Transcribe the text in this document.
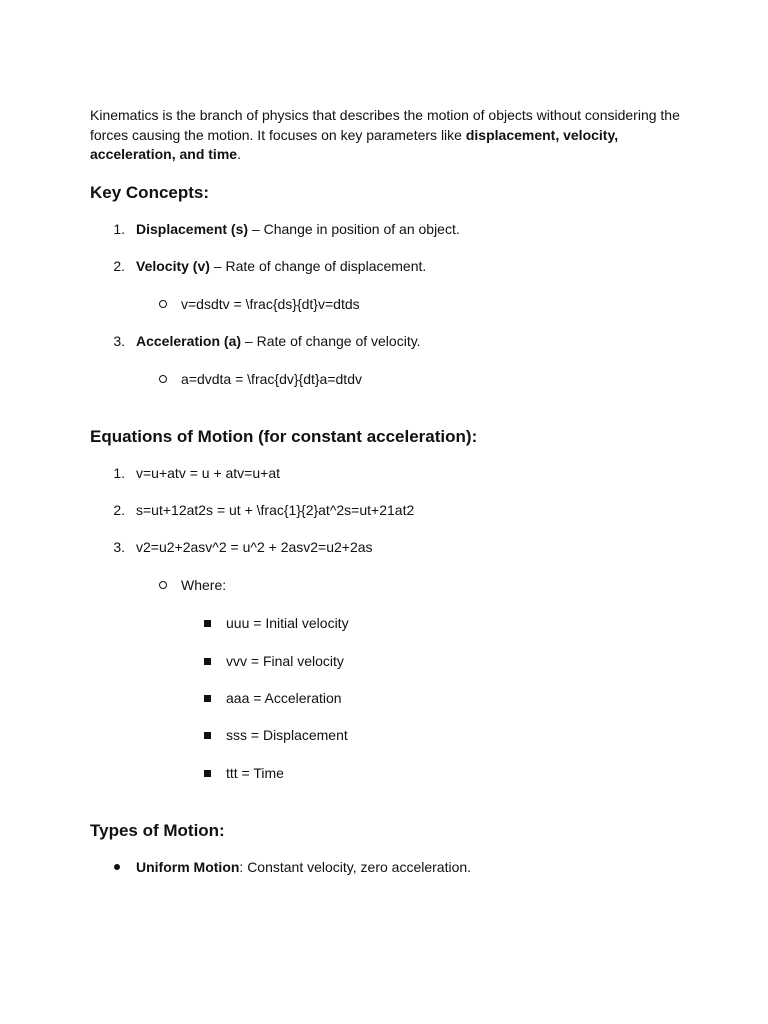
Kinematics is the branch of physics that describes the motion of objects without considering the forces causing the motion. It focuses on key parameters like displacement, velocity, acceleration, and time.

Key Concepts:
1. Displacement (s) – Change in position of an object.
2. Velocity (v) – Rate of change of displacement.
v=dsdtv = \frac{ds}{dt}v=dtds
3. Acceleration (a) – Rate of change of velocity.
a=dvdta = \frac{dv}{dt}a=dtdv
Equations of Motion (for constant acceleration):
1. v=u+atv = u + atv=u+at
2. s=ut+12at2s = ut + \frac{1}{2}at^2s=ut+21at2
3. v2=u2+2asv^2 = u^2 + 2asv2=u2+2as
Where:
uuu = Initial velocity
vvv = Final velocity
aaa = Acceleration
sss = Displacement
ttt = Time
Types of Motion:
Uniform Motion: Constant velocity, zero acceleration.
